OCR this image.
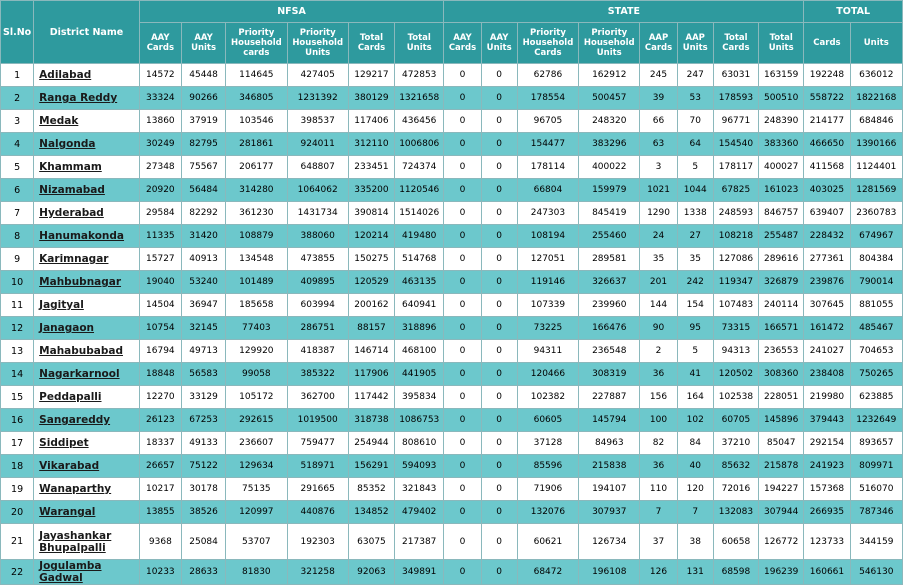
Sl.No	District Name	NFSA						STATE								TOTAL	
		AAY Cards	AAY Units	Priority Household cards	Priority Household Units	Total Cards	Total Units	AAY Cards	AAY Units	Priority Household Cards	Priority Household Units	AAP Cards	AAP Units	Total Cards	Total Units	Cards	Units
1	Adilabad	14572	45448	114645	427405	129217	472853	0	0	62786	162912	245	247	63031	163159	192248	636012
2	Ranga Reddy	33324	90266	346805	1231392	380129	1321658	0	0	178554	500457	39	53	178593	500510	558722	1822168
3	Medak	13860	37919	103546	398537	117406	436456	0	0	96705	248320	66	70	96771	248390	214177	684846
4	Nalgonda	30249	82795	281861	924011	312110	1006806	0	0	154477	383296	63	64	154540	383360	466650	1390166
5	Khammam	27348	75567	206177	648807	233451	724374	0	0	178114	400022	3	5	178117	400027	411568	1124401
6	Nizamabad	20920	56484	314280	1064062	335200	1120546	0	0	66804	159979	1021	1044	67825	161023	403025	1281569
7	Hyderabad	29584	82292	361230	1431734	390814	1514026	0	0	247303	845419	1290	1338	248593	846757	639407	2360783
8	Hanumakonda	11335	31420	108879	388060	120214	419480	0	0	108194	255460	24	27	108218	255487	228432	674967
9	Karimnagar	15727	40913	134548	473855	150275	514768	0	0	127051	289581	35	35	127086	289616	277361	804384
10	Mahbubnagar	19040	53240	101489	409895	120529	463135	0	0	119146	326637	201	242	119347	326879	239876	790014
11	Jagityal	14504	36947	185658	603994	200162	640941	0	0	107339	239960	144	154	107483	240114	307645	881055
12	Janagaon	10754	32145	77403	286751	88157	318896	0	0	73225	166476	90	95	73315	166571	161472	485467
13	Mahabubabad	16794	49713	129920	418387	146714	468100	0	0	94311	236548	2	5	94313	236553	241027	704653
14	Nagarkarnool	18848	56583	99058	385322	117906	441905	0	0	120466	308319	36	41	120502	308360	238408	750265
15	Peddapalli	12270	33129	105172	362700	117442	395834	0	0	102382	227887	156	164	102538	228051	219980	623885
16	Sangareddy	26123	67253	292615	1019500	318738	1086753	0	0	60605	145794	100	102	60705	145896	379443	1232649
17	Siddipet	18337	49133	236607	759477	254944	808610	0	0	37128	84963	82	84	37210	85047	292154	893657
18	Vikarabad	26657	75122	129634	518971	156291	594093	0	0	85596	215838	36	40	85632	215878	241923	809971
19	Wanaparthy	10217	30178	75135	291665	85352	321843	0	0	71906	194107	110	120	72016	194227	157368	516070
20	Warangal	13855	38526	120997	440876	134852	479402	0	0	132076	307937	7	7	132083	307944	266935	787346
21	Jayashankar Bhupalpalli	9368	25084	53707	192303	63075	217387	0	0	60621	126734	37	38	60658	126772	123733	344159
22	Jogulamba Gadwal	10233	28633	81830	321258	92063	349891	0	0	68472	196108	126	131	68598	196239	160661	546130
